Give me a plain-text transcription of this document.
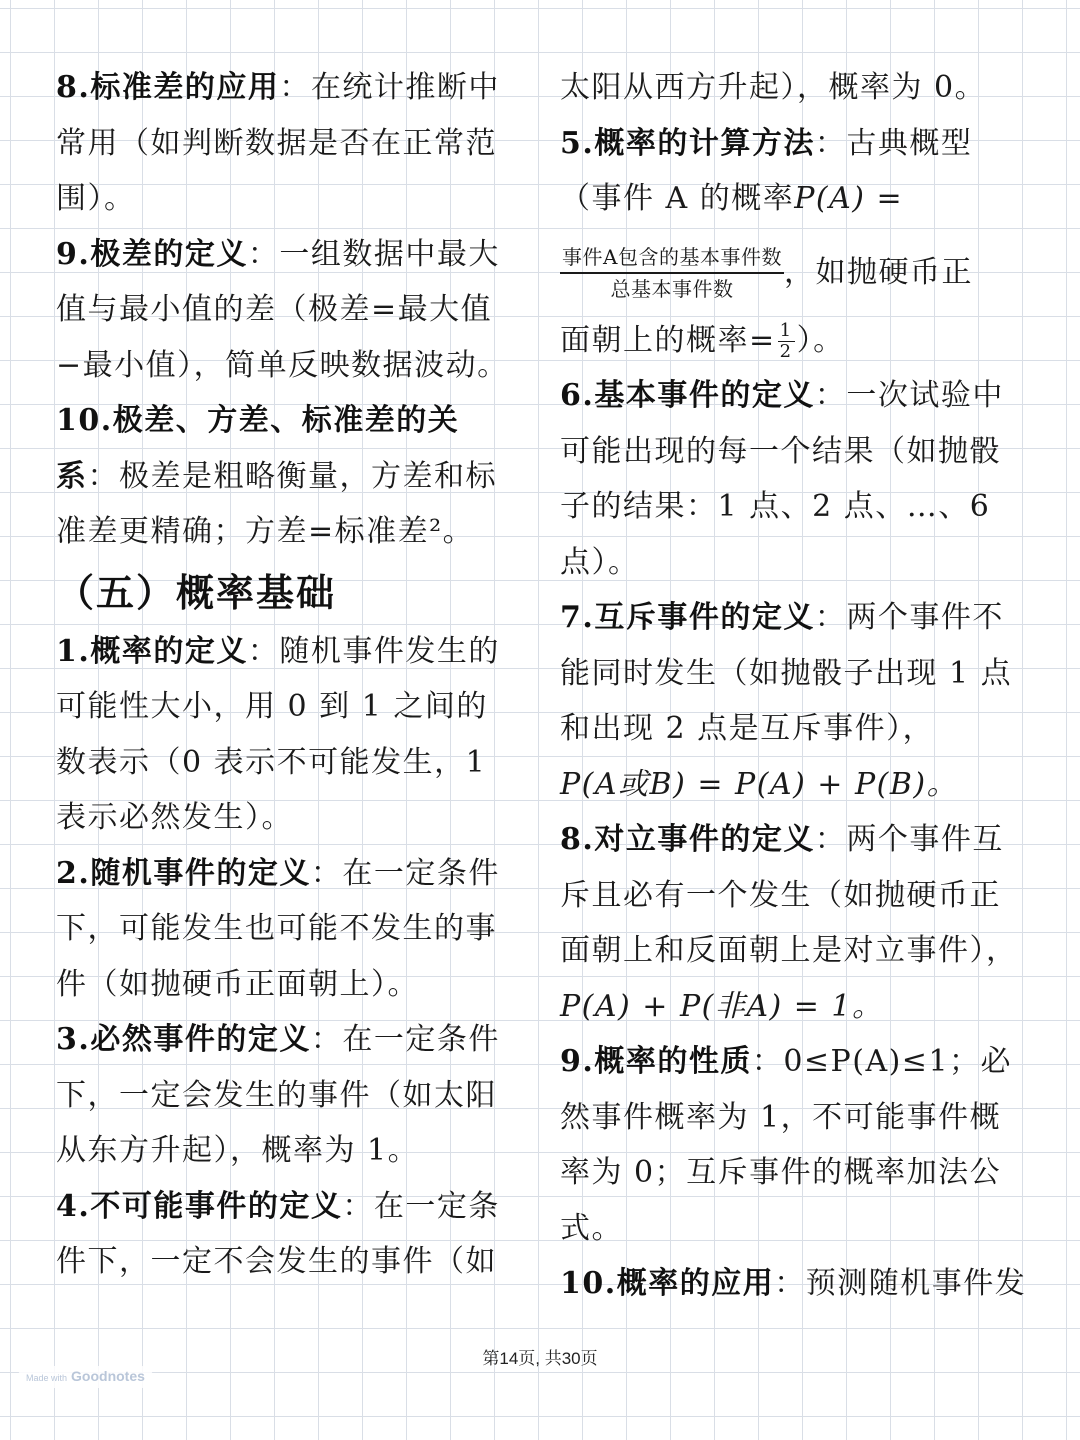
8.标准差的应用：在统计推断中常用（如判断数据是否在正常范围）。

9.极差的定义：一组数据中最大值与最小值的差（极差=最大值−最小值），简单反映数据波动。

10.极差、方差、标准差的关系：极差是粗略衡量，方差和标准差更精确；方差=标准差²。

（五）概率基础

1.概率的定义：随机事件发生的可能性大小，用 0 到 1 之间的数表示（0 表示不可能发生，1 表示必然发生）。

2.随机事件的定义：在一定条件下，可能发生也可能不发生的事件（如抛硬币正面朝上）。

3.必然事件的定义：在一定条件下，一定会发生的事件（如太阳从东方升起），概率为 1。

4.不可能事件的定义：在一定条件下，一定不会发生的事件（如

太阳从西方升起），概率为 0。

5.概率的计算方法：古典概型

（事件 A 的概率P(A) =

$\frac{\text{事件A包含的基本事件数}}{\text{总基本事件数}}$ ，如抛硬币正

面朝上的概率= $\frac{1}{2}$ ）。

6.基本事件的定义：一次试验中可能出现的每一个结果（如抛骰子的结果：1 点、2 点、…、6 点）。

7.互斥事件的定义：两个事件不能同时发生（如抛骰子出现 1 点和出现 2 点是互斥事件），

P(A或B) = P(A) + P(B)。

8.对立事件的定义：两个事件互斥且必有一个发生（如抛硬币正面朝上和反面朝上是对立事件），P(A) + P(非A) = 1。

9.概率的性质：0≤P(A)≤1；必然事件概率为 1，不可能事件概率为 0；互斥事件的概率加法公式。

10.概率的应用：预测随机事件发

第14页, 共30页
Made with Goodnotes
